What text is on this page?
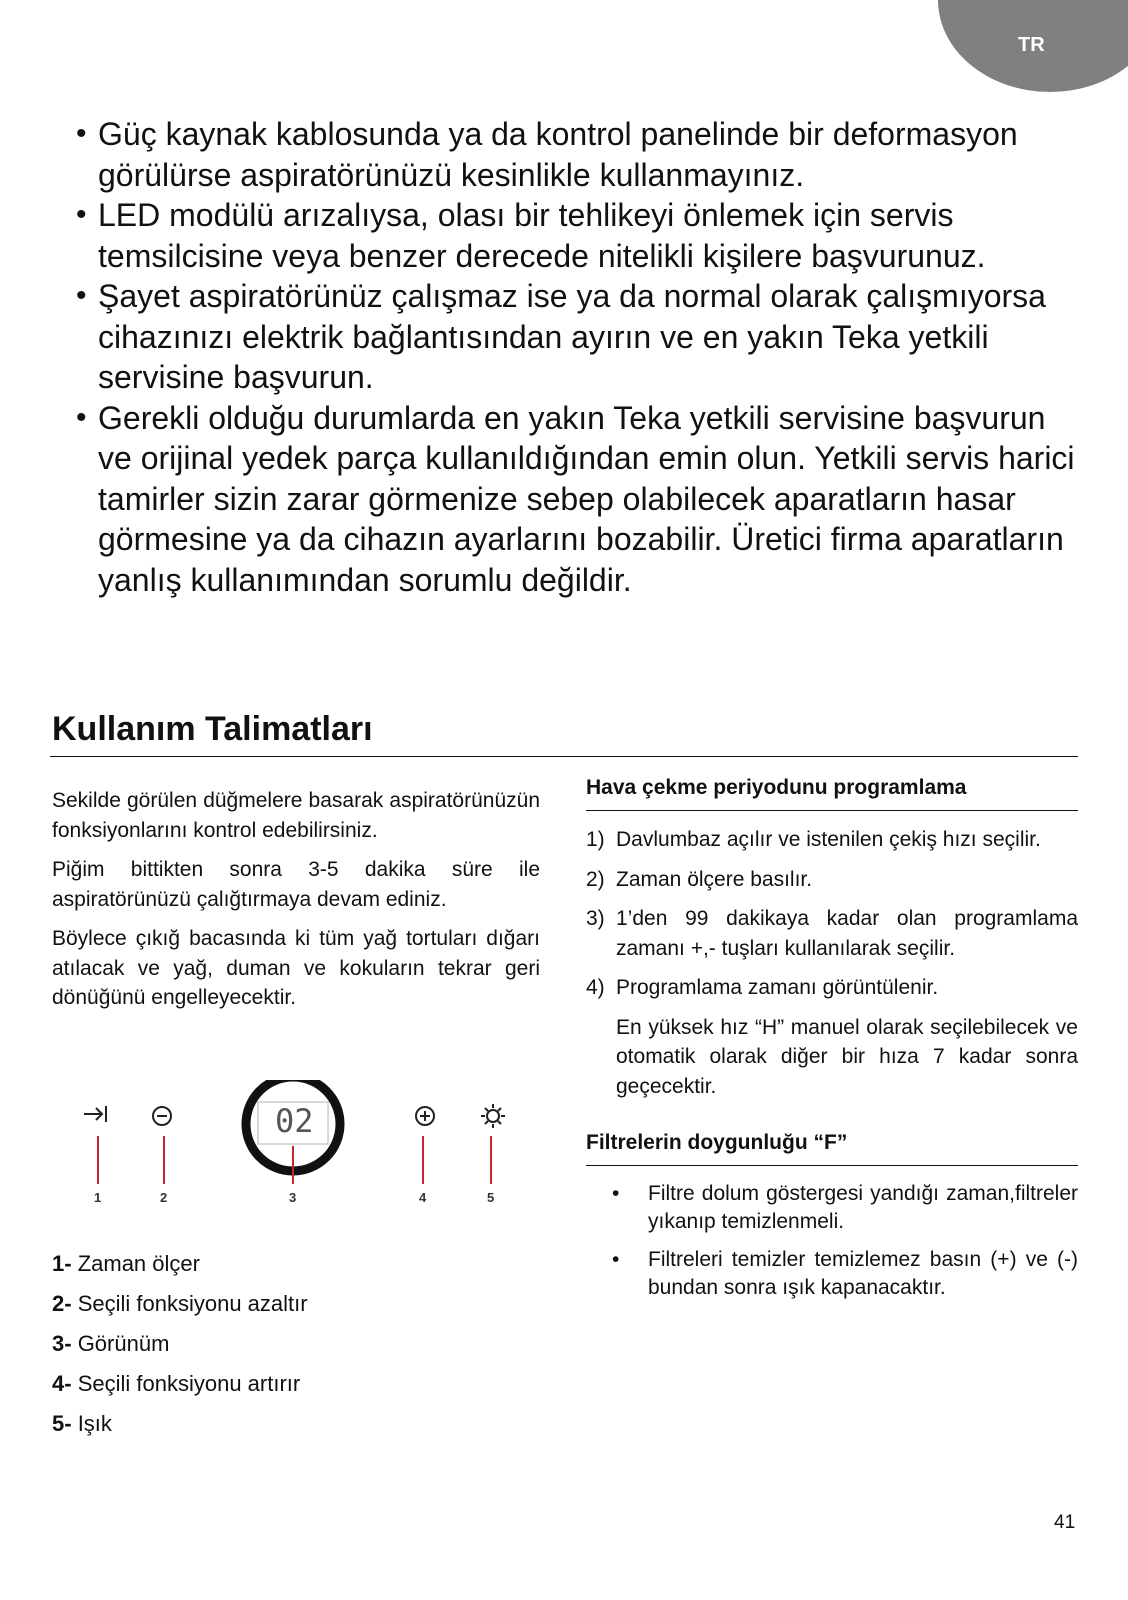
TR
• Güç kaynak kablosunda ya da kontrol panelinde bir deformasyon görülürse aspiratörünüzü kesinlikle kullanmayınız.
• LED modülü arızalıysa, olası bir tehlikeyi önlemek için servis temsilcisine veya benzer derecede nitelikli kişilere başvurunuz.
• Şayet aspiratörünüz çalışmaz ise ya da normal olarak çalışmıyorsa cihazınızı elektrik bağlantısından ayırın ve en yakın Teka yetkili servisine başvurun.
• Gerekli olduğu durumlarda en yakın Teka yetkili servisine başvurun ve orijinal yedek parça kullanıldığından emin olun. Yetkili servis harici tamirler sizin zarar görmenize sebep olabilecek aparatların hasar görmesine ya da cihazın ayarlarını bozabilir. Üretici firma aparatların yanlış kullanımından sorumlu değildir.
Kullanım Talimatları

Sekilde görülen düğmelere basarak aspiratörünüzün fonksiyonlarını kontrol edebilirsiniz.

Piğim bittikten sonra 3-5 dakika süre ile aspiratörünüzü çalığtırmaya devam ediniz.

Böylece çıkığ bacasında ki tüm yağ tortuları dığarı atılacak ve yağ, duman ve kokuların tekrar geri dönüğünü engelleyecektir.

02
1	2	3	4	5
1- Zaman ölçer
2- Seçili fonksiyonu azaltır
3- Görünüm
4- Seçili fonksiyonu artırır
5- Işık
Hava çekme periyodunu programlama
1) Davlumbaz açılır ve istenilen çekiş hızı seçilir.
2) Zaman ölçere basılır.
3) 1’den 99 dakikaya kadar olan programlama zamanı +,- tuşları kullanılarak seçilir.
4) Programlama zamanı görüntülenir.

En yüksek hız “H” manuel olarak seçilebilecek ve otomatik olarak diğer bir hıza 7 kadar sonra geçecektir.

Filtrelerin doygunluğu “F”
• Filtre dolum göstergesi yandığı zaman,filtreler yıkanıp temizlenmeli.
• Filtreleri temizler temizlemez basın (+) ve (-) bundan sonra ışık kapanacaktır.
41
